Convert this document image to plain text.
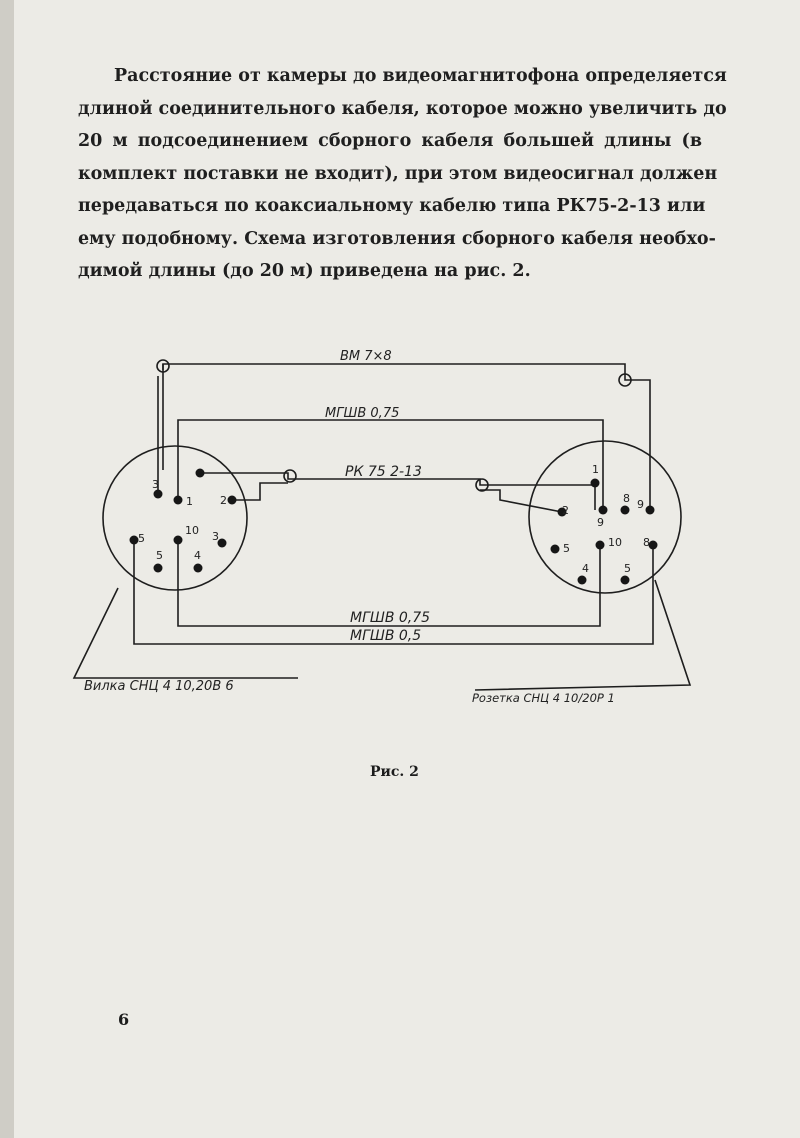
Расстояние от камеры до видеомагнитофона определяется
длиной соединительного кабеля, которое можно увеличить до
20 м подсоединением сборного кабеля большей длины (в
комплект поставки не входит), при этом видеосигнал должен
передаваться по коаксиальному кабелю типа РК75-2-13 или
ему подобному. Схема изготовления сборного кабеля необхо-
димой длины (до 20 м) приведена на рис. 2.
3
1 2
5
10 3
5	4
1
2
9
8 9
5	10 8
4	5
ВМ 7×8
МГШВ 0,75
РК 75 2-13
МГШВ 0,75
МГШВ 0,5
Вилка СНЦ 4 10,20В 6
Розетка СНЦ 4 10/20Р 1
Рис. 2
6
